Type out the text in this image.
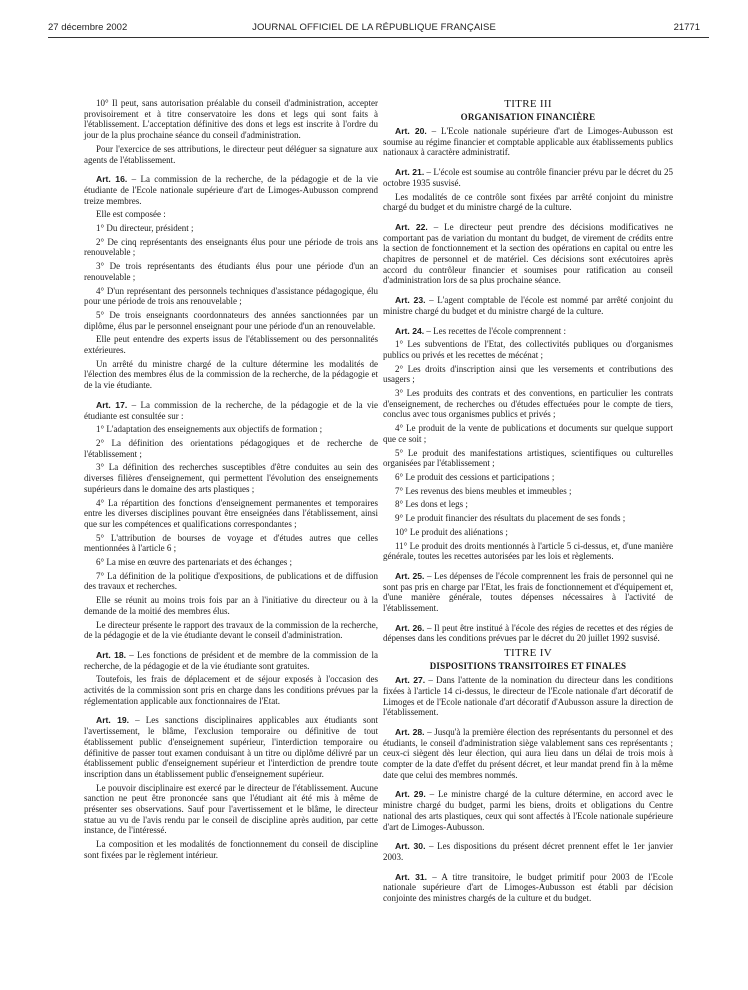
27 décembre 2002	JOURNAL OFFICIEL DE LA RÉPUBLIQUE FRANÇAISE	21771

10° Il peut, sans autorisation préalable du conseil d'administration, accepter provisoirement et à titre conservatoire les dons et legs qui sont faits à l'établissement. L'acceptation définitive des dons et legs est inscrite à l'ordre du jour de la plus prochaine séance du conseil d'administration.

Pour l'exercice de ses attributions, le directeur peut déléguer sa signature aux agents de l'établissement.

Art. 16. – La commission de la recherche, de la pédagogie et de la vie étudiante de l'Ecole nationale supérieure d'art de Limoges-Aubusson comprend treize membres.

Elle est composée :

1° Du directeur, président ;

2° De cinq représentants des enseignants élus pour une période de trois ans renouvelable ;

3° De trois représentants des étudiants élus pour une période d'un an renouvelable ;

4° D'un représentant des personnels techniques d'assistance pédagogique, élu pour une période de trois ans renouvelable ;

5° De trois enseignants coordonnateurs des années sanctionnées par un diplôme, élus par le personnel enseignant pour une période d'un an renouvelable.

Elle peut entendre des experts issus de l'établissement ou des personnalités extérieures.

Un arrêté du ministre chargé de la culture détermine les modalités de l'élection des membres élus de la commission de la recherche, de la pédagogie et de la vie étudiante.

Art. 17. – La commission de la recherche, de la pédagogie et de la vie étudiante est consultée sur :

1° L'adaptation des enseignements aux objectifs de formation ;

2° La définition des orientations pédagogiques et de recherche de l'établissement ;

3° La définition des recherches susceptibles d'être conduites au sein des diverses filières d'enseignement, qui permettent l'évolution des enseignements supérieurs dans le domaine des arts plastiques ;

4° La répartition des fonctions d'enseignement permanentes et temporaires entre les diverses disciplines pouvant être enseignées dans l'établissement, ainsi que sur les compétences et qualifications correspondantes ;

5° L'attribution de bourses de voyage et d'études autres que celles mentionnées à l'article 6 ;

6° La mise en œuvre des partenariats et des échanges ;

7° La définition de la politique d'expositions, de publications et de diffusion des travaux et recherches.

Elle se réunit au moins trois fois par an à l'initiative du directeur ou à la demande de la moitié des membres élus.

Le directeur présente le rapport des travaux de la commission de la recherche, de la pédagogie et de la vie étudiante devant le conseil d'administration.

Art. 18. – Les fonctions de président et de membre de la commission de la recherche, de la pédagogie et de la vie étudiante sont gratuites.

Toutefois, les frais de déplacement et de séjour exposés à l'occasion des activités de la commission sont pris en charge dans les conditions prévues par la réglementation applicable aux fonctionnaires de l'Etat.

Art. 19. – Les sanctions disciplinaires applicables aux étudiants sont l'avertissement, le blâme, l'exclusion temporaire ou définitive de tout établissement public d'enseignement supérieur, l'interdiction temporaire ou définitive de passer tout examen conduisant à un titre ou diplôme délivré par un établissement public d'enseignement supérieur et l'interdiction de prendre toute inscription dans un établissement public d'enseignement supérieur.

Le pouvoir disciplinaire est exercé par le directeur de l'établissement. Aucune sanction ne peut être prononcée sans que l'étudiant ait été mis à même de présenter ses observations. Sauf pour l'avertissement et le blâme, le directeur statue au vu de l'avis rendu par le conseil de discipline après audition, par cette instance, de l'intéressé.

La composition et les modalités de fonctionnement du conseil de discipline sont fixées par le règlement intérieur.

TITRE III
ORGANISATION FINANCIÈRE

Art. 20. – L'Ecole nationale supérieure d'art de Limoges-Aubusson est soumise au régime financier et comptable applicable aux établissements publics nationaux à caractère administratif.

Art. 21. – L'école est soumise au contrôle financier prévu par le décret du 25 octobre 1935 susvisé.

Les modalités de ce contrôle sont fixées par arrêté conjoint du ministre chargé du budget et du ministre chargé de la culture.

Art. 22. – Le directeur peut prendre des décisions modificatives ne comportant pas de variation du montant du budget, de virement de crédits entre la section de fonctionnement et la section des opérations en capital ou entre les chapitres de personnel et de matériel. Ces décisions sont exécutoires après accord du contrôleur financier et soumises pour ratification au conseil d'administration lors de sa plus prochaine séance.

Art. 23. – L'agent comptable de l'école est nommé par arrêté conjoint du ministre chargé du budget et du ministre chargé de la culture.

Art. 24. – Les recettes de l'école comprennent :

1° Les subventions de l'Etat, des collectivités publiques ou d'organismes publics ou privés et les recettes de mécénat ;

2° Les droits d'inscription ainsi que les versements et contributions des usagers ;

3° Les produits des contrats et des conventions, en particulier les contrats d'enseignement, de recherches ou d'études effectuées pour le compte de tiers, conclus avec tous organismes publics et privés ;

4° Le produit de la vente de publications et documents sur quelque support que ce soit ;

5° Le produit des manifestations artistiques, scientifiques ou culturelles organisées par l'établissement ;

6° Le produit des cessions et participations ;

7° Les revenus des biens meubles et immeubles ;

8° Les dons et legs ;

9° Le produit financier des résultats du placement de ses fonds ;

10° Le produit des aliénations ;

11° Le produit des droits mentionnés à l'article 5 ci-dessus, et, d'une manière générale, toutes les recettes autorisées par les lois et règlements.

Art. 25. – Les dépenses de l'école comprennent les frais de personnel qui ne sont pas pris en charge par l'Etat, les frais de fonctionnement et d'équipement et, d'une manière générale, toutes dépenses nécessaires à l'activité de l'établissement.

Art. 26. – Il peut être institué à l'école des régies de recettes et des régies de dépenses dans les conditions prévues par le décret du 20 juillet 1992 susvisé.

TITRE IV
DISPOSITIONS TRANSITOIRES ET FINALES

Art. 27. – Dans l'attente de la nomination du directeur dans les conditions fixées à l'article 14 ci-dessus, le directeur de l'Ecole nationale d'art décoratif de Limoges et de l'Ecole nationale d'art décoratif d'Aubusson assure la direction de l'établissement.

Art. 28. – Jusqu'à la première élection des représentants du personnel et des étudiants, le conseil d'administration siège valablement sans ces représentants ; ceux-ci siègent dès leur élection, qui aura lieu dans un délai de trois mois à compter de la date d'effet du présent décret, et leur mandat prend fin à la même date que celui des membres nommés.

Art. 29. – Le ministre chargé de la culture détermine, en accord avec le ministre chargé du budget, parmi les biens, droits et obligations du Centre national des arts plastiques, ceux qui sont affectés à l'Ecole nationale supérieure d'art de Limoges-Aubusson.

Art. 30. – Les dispositions du présent décret prennent effet le 1er janvier 2003.

Art. 31. – A titre transitoire, le budget primitif pour 2003 de l'Ecole nationale supérieure d'art de Limoges-Aubusson est établi par décision conjointe des ministres chargés de la culture et du budget.
